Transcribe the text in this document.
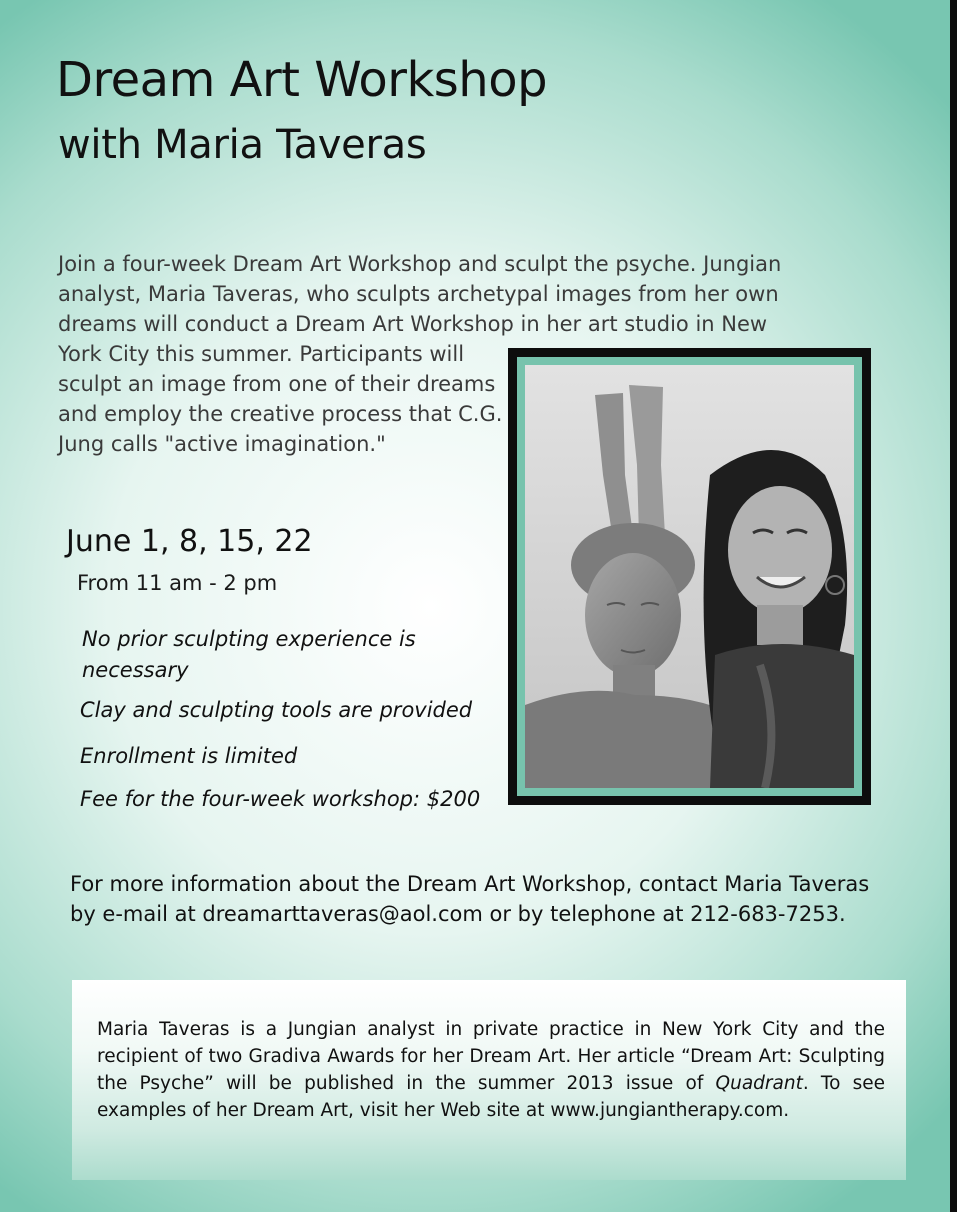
Dream Art Workshop
with Maria Taveras

Join a four-week Dream Art Workshop and sculpt the psyche. Jungian analyst, Maria Taveras, who sculpts archetypal images from her own dreams will conduct a Dream Art Workshop in her art studio in New

York City this summer. Participants will sculpt an image from one of their dreams and employ the creative process that C.G. Jung calls "active imagination."

June 1, 8, 15, 22

From 11 am - 2 pm

No prior sculpting experience is necessary

Clay and sculpting tools are provided

Enrollment is limited

Fee for the four-week workshop: $200

For more information about the Dream Art Workshop, contact Maria Taveras by e-mail at dreamarttaveras@aol.com or by telephone at 212-683-7253.

Maria Taveras is a Jungian analyst in private practice in New York City and the recipient of two Gradiva Awards for her Dream Art. Her article “Dream Art: Sculpting the Psyche” will be published in the summer 2013 issue of Quadrant. To see examples of her Dream Art, visit her Web site at www.jungiantherapy.com.
